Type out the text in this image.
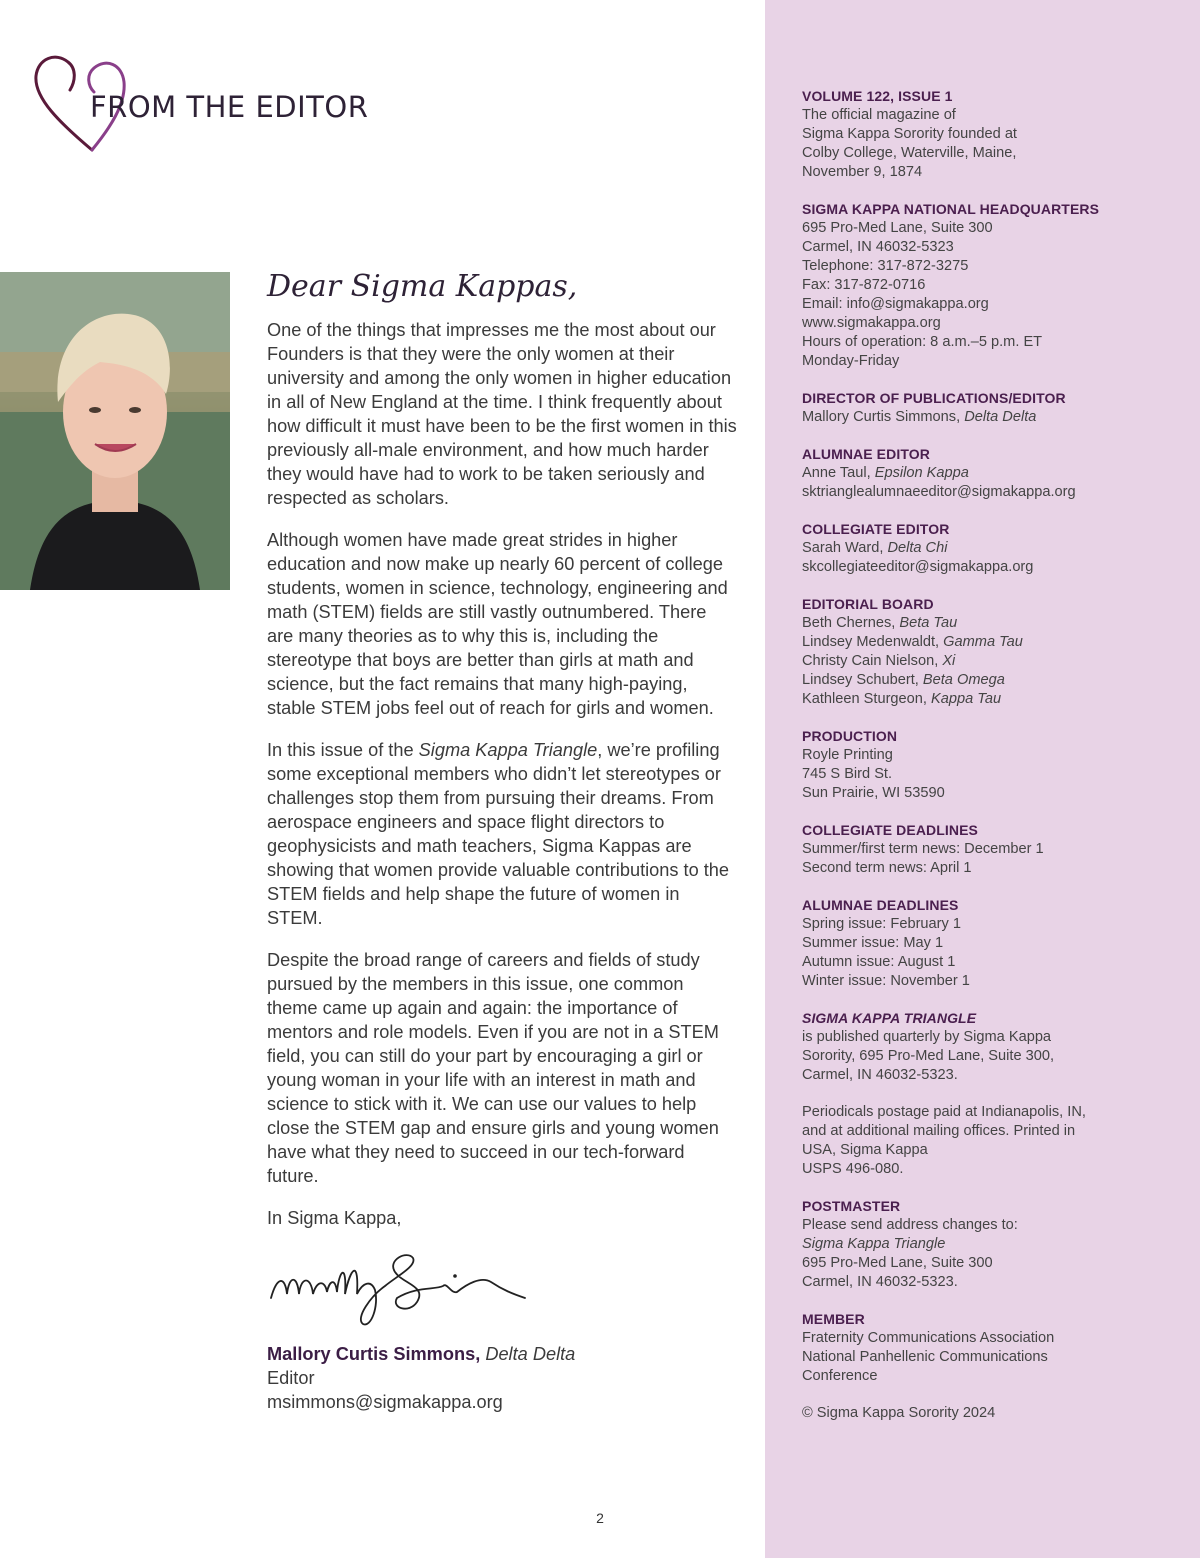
FROM THE EDITOR
Dear Sigma Kappas,

One of the things that impresses me the most about our Founders is that they were the only women at their university and among the only women in higher education in all of New England at the time. I think frequently about how difficult it must have been to be the first women in this previously all-male environment, and how much harder they would have had to work to be taken seriously and respected as scholars.

Although women have made great strides in higher education and now make up nearly 60 percent of college students, women in science, technology, engineering and math (STEM) fields are still vastly outnumbered. There are many theories as to why this is, including the stereotype that boys are better than girls at math and science, but the fact remains that many high-paying, stable STEM jobs feel out of reach for girls and women.

In this issue of the Sigma Kappa Triangle, we’re profiling some exceptional members who didn’t let stereotypes or challenges stop them from pursuing their dreams. From aerospace engineers and space flight directors to geophysicists and math teachers, Sigma Kappas are showing that women provide valuable contributions to the STEM fields and help shape the future of women in STEM.

Despite the broad range of careers and fields of study pursued by the members in this issue, one common theme came up again and again: the importance of mentors and role models. Even if you are not in a STEM field, you can still do your part by encouraging a girl or young woman in your life with an interest in math and science to stick with it. We can use our values to help close the STEM gap and ensure girls and young women have what they need to succeed in our tech-forward future.

In Sigma Kappa,
Mallory Curtis Simmons, Delta Delta
Editor
msimmons@sigmakappa.org
VOLUME 122, ISSUE 1
The official magazine of
Sigma Kappa Sorority founded at
Colby College, Waterville, Maine,
November 9, 1874
SIGMA KAPPA NATIONAL HEADQUARTERS
695 Pro-Med Lane, Suite 300
Carmel, IN 46032-5323
Telephone: 317-872-3275
Fax: 317-872-0716
Email: info@sigmakappa.org
www.sigmakappa.org
Hours of operation: 8 a.m.–5 p.m. ET
Monday-Friday
DIRECTOR OF PUBLICATIONS/EDITOR
Mallory Curtis Simmons, Delta Delta
ALUMNAE EDITOR
Anne Taul, Epsilon Kappa
sktrianglealumnaeeditor@sigmakappa.org
COLLEGIATE EDITOR
Sarah Ward, Delta Chi
skcollegiateeditor@sigmakappa.org
EDITORIAL BOARD
Beth Chernes, Beta Tau
Lindsey Medenwaldt, Gamma Tau
Christy Cain Nielson, Xi
Lindsey Schubert, Beta Omega
Kathleen Sturgeon, Kappa Tau
PRODUCTION
Royle Printing
745 S Bird St.
Sun Prairie, WI 53590
COLLEGIATE DEADLINES
Summer/first term news: December 1
Second term news: April 1
ALUMNAE DEADLINES
Spring issue: February 1
Summer issue: May 1
Autumn issue: August 1
Winter issue: November 1
SIGMA KAPPA TRIANGLE
is published quarterly by Sigma Kappa
Sorority, 695 Pro-Med Lane, Suite 300,
Carmel, IN 46032-5323.
Periodicals postage paid at Indianapolis, IN,
and at additional mailing offices. Printed in
USA, Sigma Kappa
USPS 496-080.
POSTMASTER
Please send address changes to:
Sigma Kappa Triangle
695 Pro-Med Lane, Suite 300
Carmel, IN 46032-5323.
MEMBER
Fraternity Communications Association
National Panhellenic Communications
Conference
© Sigma Kappa Sorority 2024
2
